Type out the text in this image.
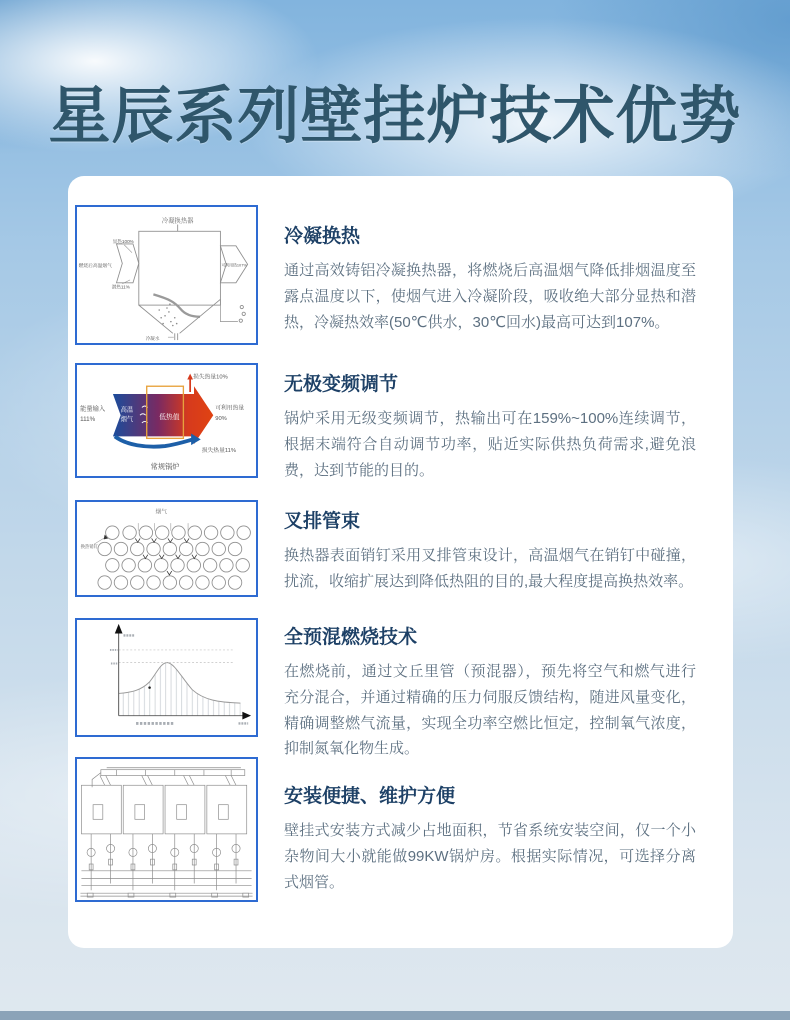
星辰系列壁挂炉技术优势
冷凝换热器
燃烧后高温烟气
显热100%
潜热11%
可利用热107%
冷凝水
冷凝换热

通过高效铸铝冷凝换热器，将燃烧后高温烟气降低排烟温度至露点温度以下，使烟气进入冷凝阶段，吸收绝大部分显热和潜热，冷凝热效率(50℃供水，30℃回水)最高可达到107%。

能量输入
111%
高温
烟气	低热值
损失热量10%
可利用热量
90%
损失热量11%
常规锅炉
无极变频调节

锅炉采用无级变频调节，热输出可在159%~100%连续调节，根据末端符合自动调节功率，贴近实际供热负荷需求,避免浪费，达到节能的目的。

烟气
换热销钉
叉排管束

换热器表面销钉采用叉排管束设计，高温烟气在销钉中碰撞，扰流，收缩扩展达到降低热阻的目的,最大程度提高换热效率。

全预混燃烧技术

在燃烧前，通过文丘里管（预混器），预先将空气和燃气进行充分混合，并通过精确的压力伺服反馈结构，随进风量变化，精确调整燃气流量，实现全功率空燃比恒定，控制氧气浓度，抑制氮氧化物生成。

安装便捷、维护方便

壁挂式安装方式减少占地面积，节省系统安装空间，仅一个小杂物间大小就能做99KW锅炉房。根据实际情况，可选择分离式烟管。
